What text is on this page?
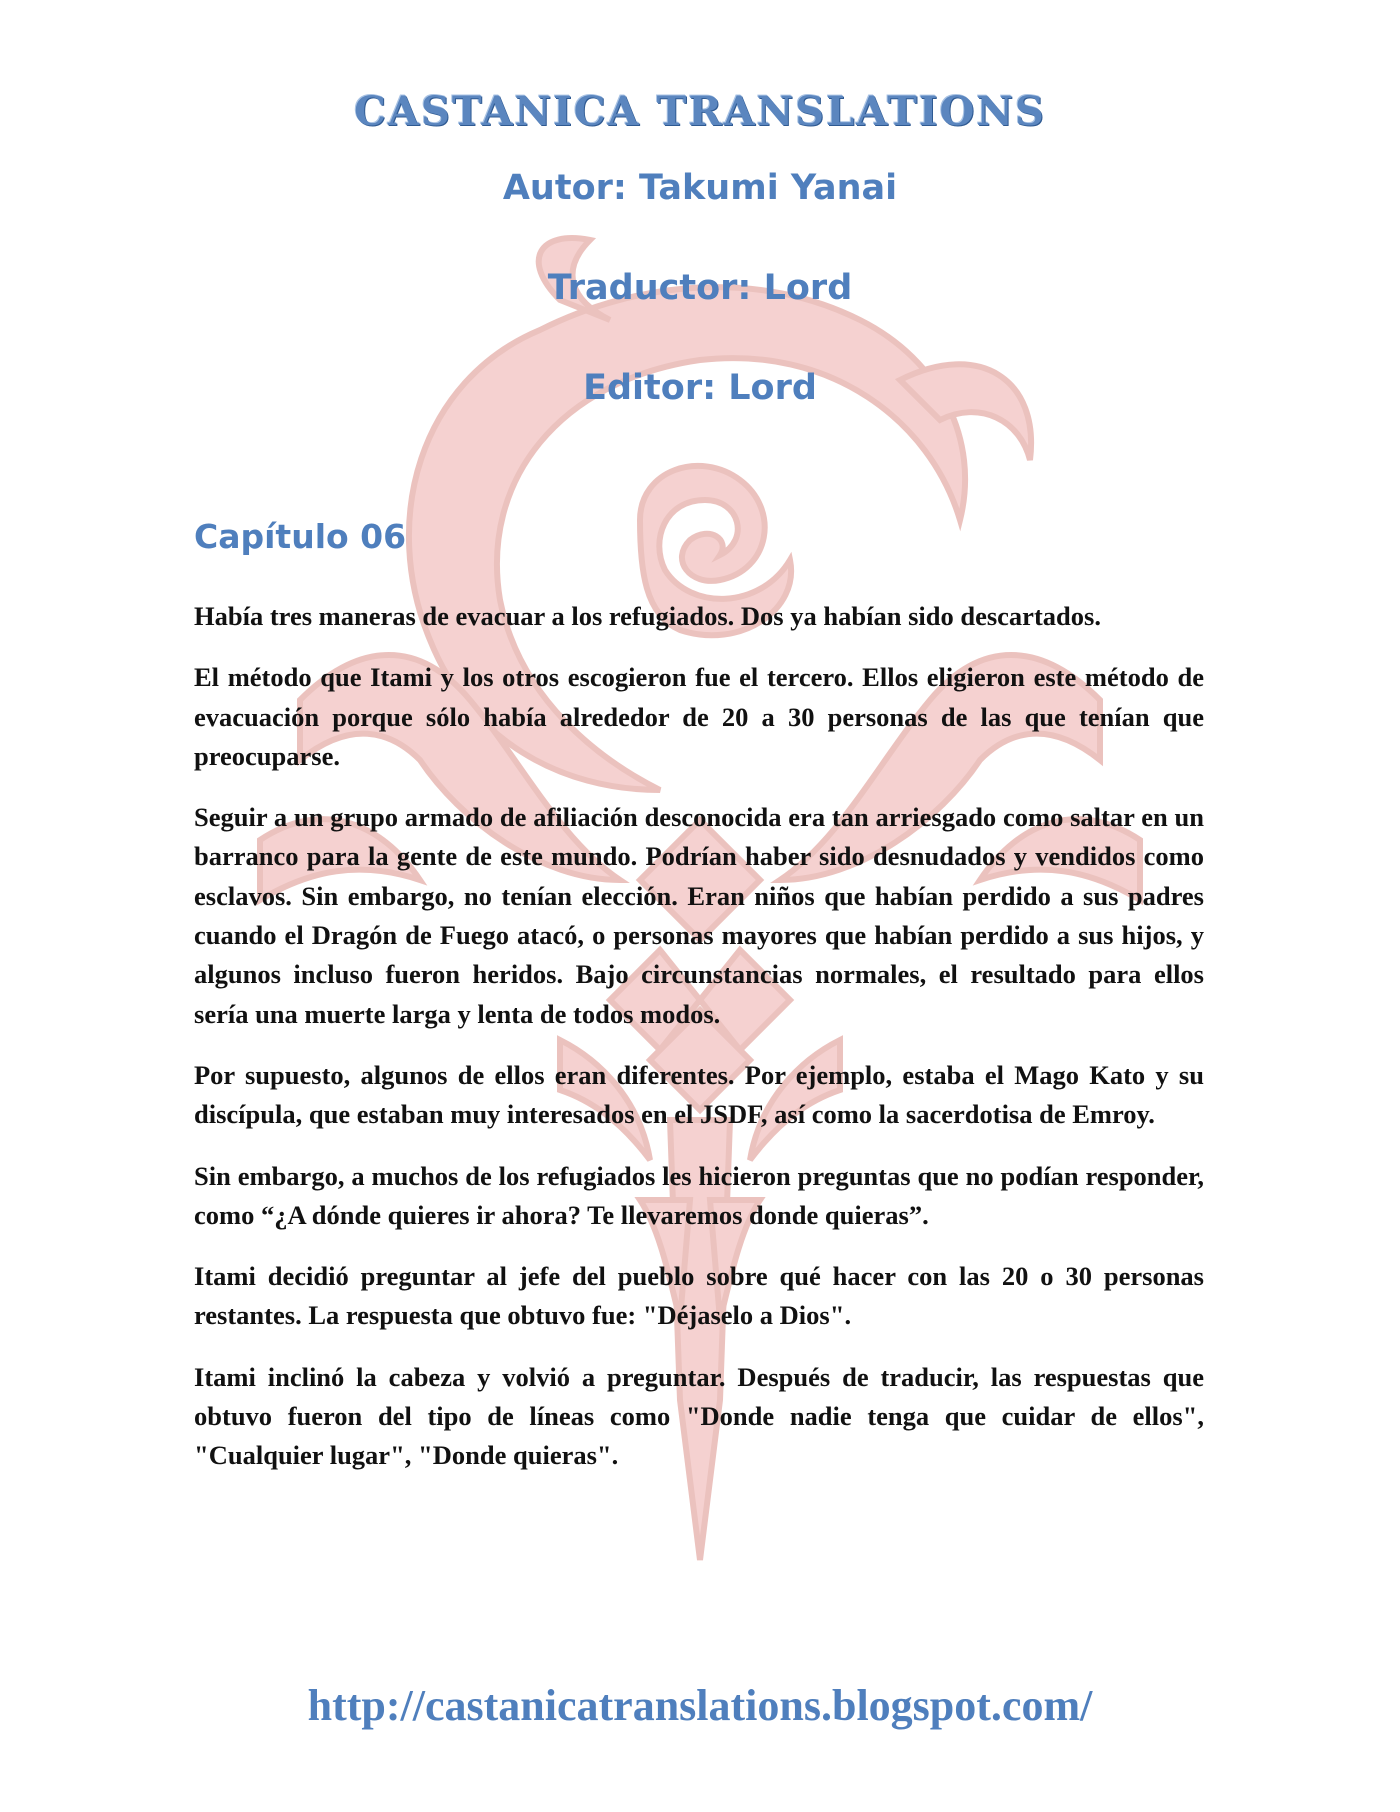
CASTANICA TRANSLATIONS
Autor: Takumi Yanai
Traductor: Lord
Editor: Lord
Capítulo 06

Había tres maneras de evacuar a los refugiados. Dos ya habían sido descartados.

El método que Itami y los otros escogieron fue el tercero. Ellos eligieron este método de evacuación porque sólo había alrededor de 20 a 30 personas de las que tenían que preocuparse.

Seguir a un grupo armado de afiliación desconocida era tan arriesgado como saltar en un barranco para la gente de este mundo. Podrían haber sido desnudados y vendidos como esclavos. Sin embargo, no tenían elección. Eran niños que habían perdido a sus padres cuando el Dragón de Fuego atacó, o personas mayores que habían perdido a sus hijos, y algunos incluso fueron heridos. Bajo circunstancias normales, el resultado para ellos sería una muerte larga y lenta de todos modos.

Por supuesto, algunos de ellos eran diferentes. Por ejemplo, estaba el Mago Kato y su discípula, que estaban muy interesados en el JSDF, así como la sacerdotisa de Emroy.

Sin embargo, a muchos de los refugiados les hicieron preguntas que no podían responder, como “¿A dónde quieres ir ahora? Te llevaremos donde quieras”.

Itami decidió preguntar al jefe del pueblo sobre qué hacer con las 20 o 30 personas restantes. La respuesta que obtuvo fue: "Déjaselo a Dios".

Itami inclinó la cabeza y volvió a preguntar. Después de traducir, las respuestas que obtuvo fueron del tipo de líneas como "Donde nadie tenga que cuidar de ellos", "Cualquier lugar", "Donde quieras".

http://castanicatranslations.blogspot.com/
